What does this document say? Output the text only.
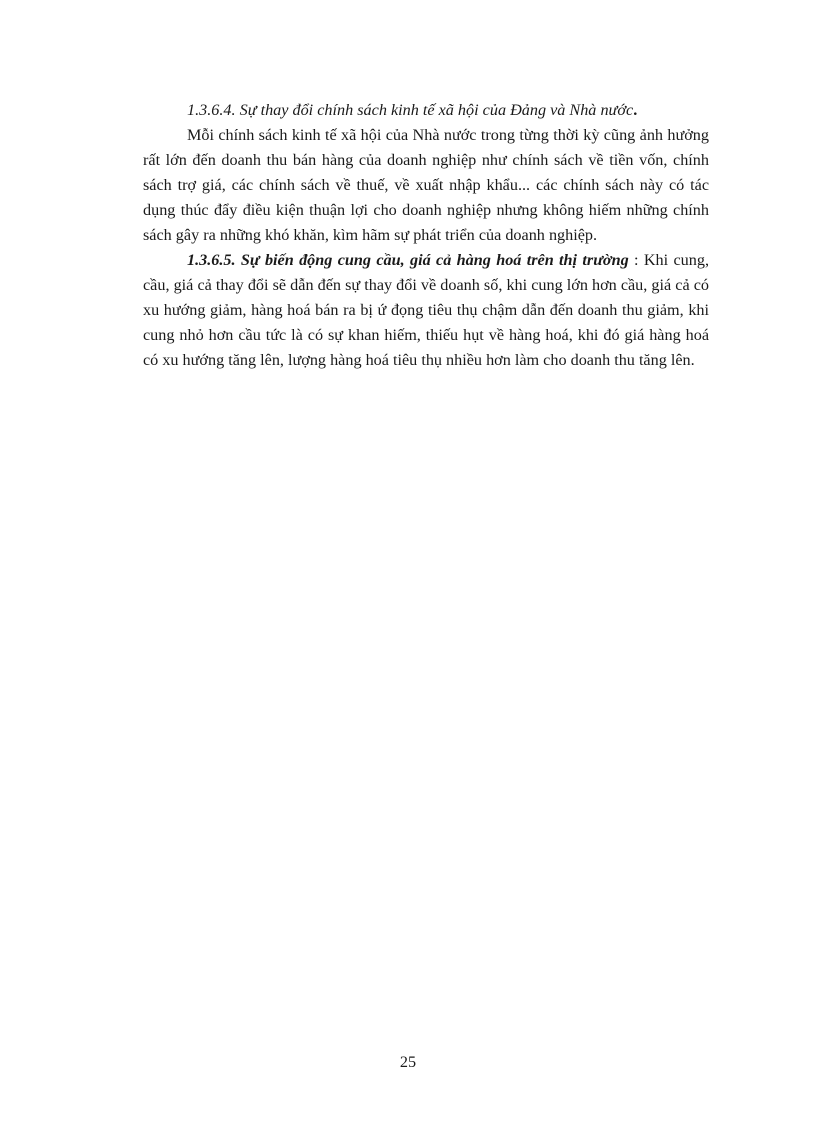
1.3.6.4. Sự thay đổi chính sách kinh tế xã hội của Đảng và Nhà nước.

Mỗi chính sách kinh tế xã hội của Nhà nước trong từng thời kỳ cũng ảnh hưởng rất lớn đến doanh thu bán hàng của doanh nghiệp như chính sách về tiền vốn, chính sách trợ giá, các chính sách về thuế, về xuất nhập khẩu... các chính sách này có tác dụng thúc đẩy điều kiện thuận lợi cho doanh nghiệp nhưng không hiếm những chính sách gây ra những khó khăn, kìm hãm sự phát triển của doanh nghiệp.

1.3.6.5. Sự biến động cung cầu, giá cả hàng hoá trên thị trường : Khi cung, cầu, giá cả thay đổi sẽ dẫn đến sự thay đổi về doanh số, khi cung lớn hơn cầu, giá cả có xu hướng giảm, hàng hoá bán ra bị ứ đọng tiêu thụ chậm dẫn đến doanh thu giảm, khi cung nhỏ hơn cầu tức là có sự khan hiếm, thiếu hụt về hàng hoá, khi đó giá hàng hoá có xu hướng tăng lên, lượng hàng hoá tiêu thụ nhiều hơn làm cho doanh thu tăng lên.

25
